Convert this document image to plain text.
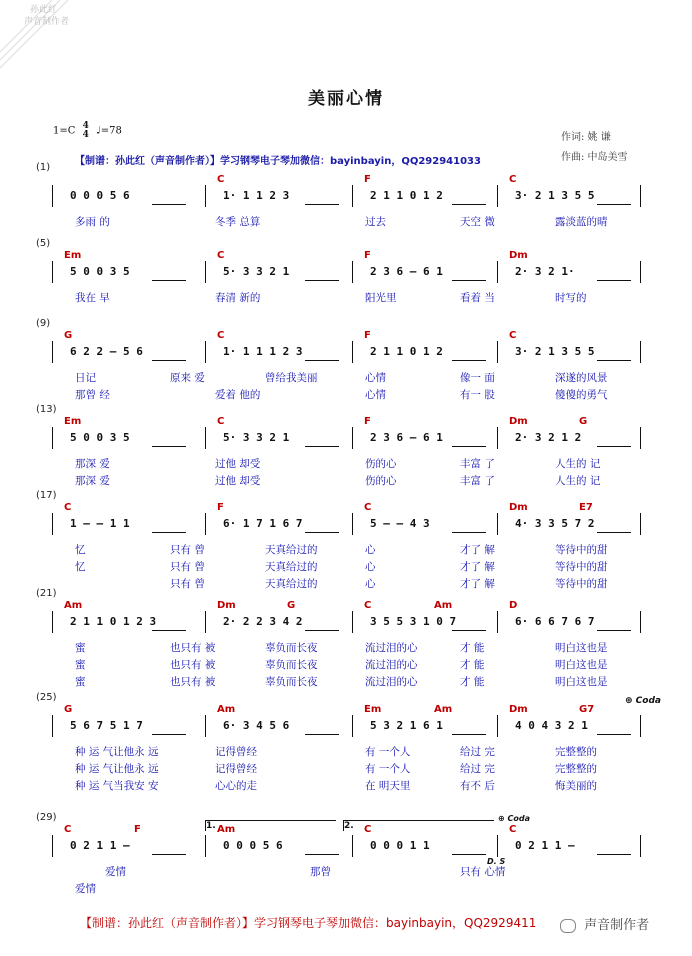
孙此红
声音制作者
美丽心情
1=C 4
4 ♩=78
作词: 姚 谦
作曲: 中岛美雪
【制谱：孙此红（声音制作者）】学习钢琴电子琴加微信：bayinbayin，QQ292941033
(1)
C	F	C
0 0 0 5 6	1· 1 1 2 3	2 1 1 0 1 2	3· 2 1 3 5 5
多雨 的	冬季 总算	过去	天空 微	露淡蓝的晴
(5)
Em	C	F	Dm
5 0 0 3 5	5· 3 3 2 1	2 3 6 – 6 1	2· 3 2 1·
我在 早	春清 新的	阳光里	看着 当	时写的
(9)
G	C	F	C
6 2 2 – 5 6	1· 1 1 1 2 3	2 1 1 0 1 2	3· 2 1 3 5 5
日记	原来 爱	曾给我美丽	心情	像一 面	深遂的风景
那曾 经	爱着 他的	心情	有一 股	傻傻的勇气
(13)
Em	C	F	Dm	G
5 0 0 3 5	5· 3 3 2 1	2 3 6 – 6 1	2· 3 2 1 2
那深 爱	过他 却受	伤的心	丰富 了	人生的 记
那深 爱	过他 却受	伤的心	丰富 了	人生的 记
(17)
C	F	C	Dm	E7
1 – – 1 1	6· 1 7 1 6 7	5 – – 4 3	4· 3 3 5 7 2
忆	只有 曾	天真给过的	心	才了 解	等待中的甜
忆	只有 曾	天真给过的	心	才了 解	等待中的甜
只有 曾	天真给过的	心	才了 解	等待中的甜
(21)
Am	Dm	G	C	Am	D
2 1 1 0 1 2 3	2· 2 2 3 4 2	3 5 5 3 1 0 7	6· 6 6 7 6 7
蜜	也只有 被	辜负而长夜	流过泪的心	才 能	明白这也是
蜜	也只有 被	辜负而长夜	流过泪的心	才 能	明白这也是
蜜	也只有 被	辜负而长夜	流过泪的心	才 能	明白这也是
(25)
G	Am	Em	Am	Dm	G7
5 6 7 5 1 7	6· 3 4 5 6	5 3 2 1 6 1	4 0 4 3 2 1
种 运 气让他永 远	记得曾经	有 一个人	给过 完	完整整的
种 运 气让他永 远	记得曾经	有 一个人	给过 完	完整整的
种 运 气当我安 安	心心的走	在 明天里	有不 后	悔美丽的
(29)
C	F	Am	C	C
0 2 1 1 –	0 0 0 5 6	0 0 0 1 1	0 2 1 1 –
爱情	那曾	只有 心情
爱情
1.	2.
⊕ Coda
D. S
⊕ Coda
【制谱：孙此红（声音制作者）】学习钢琴电子琴加微信：bayinbayin，QQ2929411	声音制作者
